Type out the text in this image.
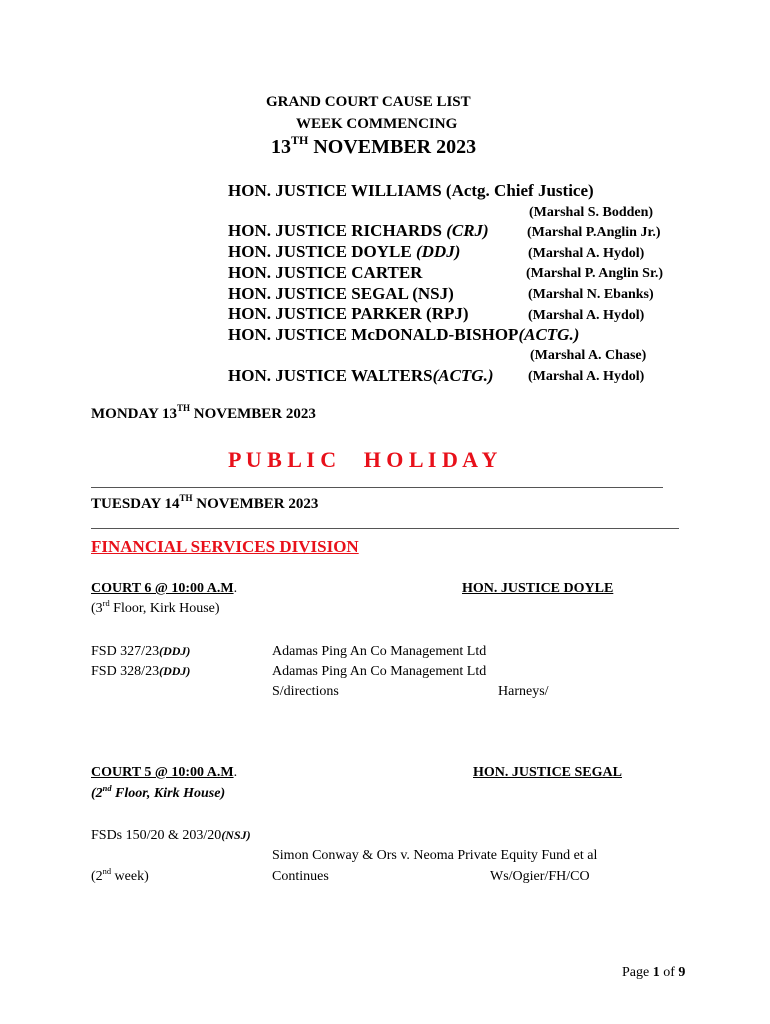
GRAND COURT CAUSE LIST
WEEK COMMENCING
13TH NOVEMBER 2023
HON. JUSTICE WILLIAMS (Actg. Chief Justice)
(Marshal S. Bodden)
HON. JUSTICE RICHARDS (CRJ)	(Marshal P.Anglin Jr.)
HON. JUSTICE DOYLE (DDJ)	(Marshal A. Hydol)
HON. JUSTICE CARTER	(Marshal P. Anglin Sr.)
HON. JUSTICE SEGAL (NSJ)	(Marshal N. Ebanks)
HON. JUSTICE PARKER (RPJ)	(Marshal A. Hydol)
HON. JUSTICE McDONALD-BISHOP(ACTG.)
(Marshal A. Chase)
HON. JUSTICE WALTERS(ACTG.) (Marshal A. Hydol)
MONDAY 13TH NOVEMBER 2023
P U B L I C     H O L I D A Y
TUESDAY 14TH NOVEMBER 2023
FINANCIAL SERVICES DIVISION
COURT 6 @ 10:00 A.M.	HON. JUSTICE DOYLE
(3rd Floor, Kirk House)
FSD 327/23(DDJ)	Adamas Ping An Co Management Ltd
FSD 328/23(DDJ)	Adamas Ping An Co Management Ltd
S/directions	Harneys/
COURT 5 @ 10:00 A.M.	HON. JUSTICE SEGAL
(2nd Floor, Kirk House)
FSDs 150/20 & 203/20(NSJ)
Simon Conway & Ors v. Neoma Private Equity Fund et al
(2nd week)	Continues	Ws/Ogier/FH/CO
Page 1 of 9
